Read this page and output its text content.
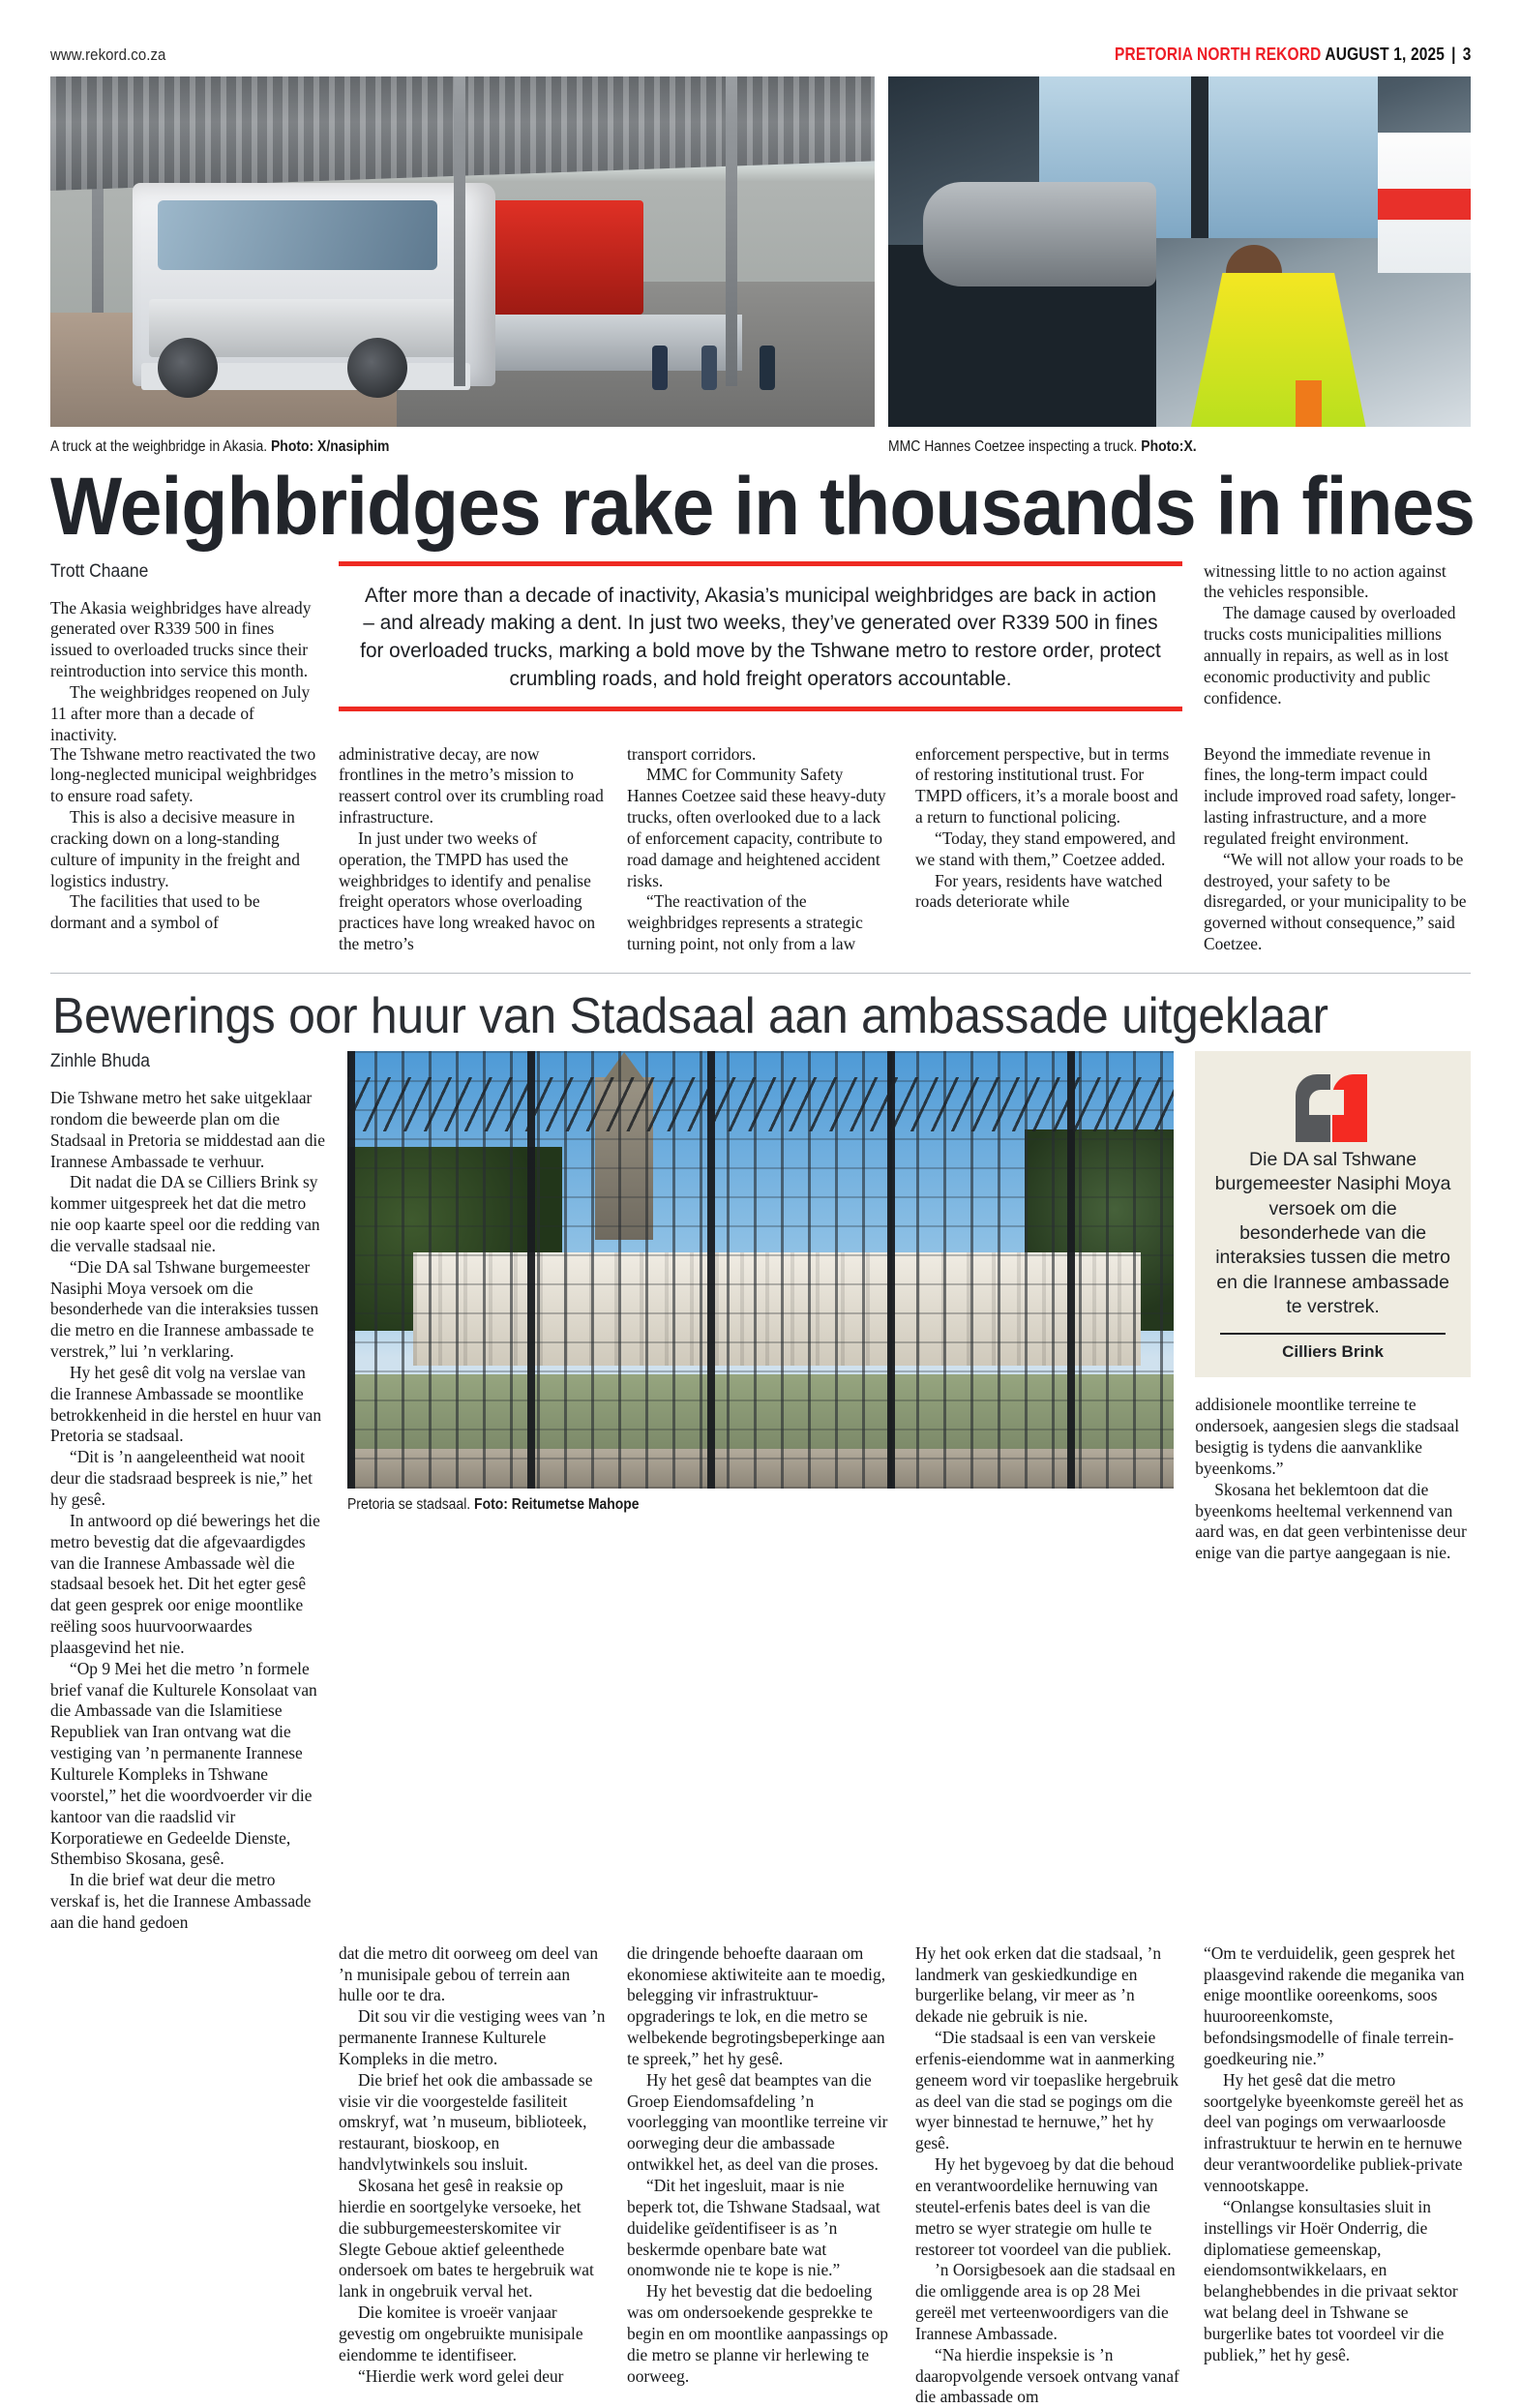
www.rekord.co.za	PRETORIA NORTH REKORD AUGUST 1, 2025 | 3
A truck at the weighbridge in Akasia. Photo: X/nasiphim	MMC Hannes Coetzee inspecting a truck. Photo:X.
Weighbridges rake in thousands in fines
Trott Chaane

The Akasia weighbridges have already generated over R339 500 in fines issued to overloaded trucks since their reintroduction into service this month.

The weighbridges reopened on July 11 after more than a decade of inactivity.

After more than a decade of inactivity, Akasia’s municipal weighbridges are back in action – and already making a dent. In just two weeks, they’ve generated over R339 500 in fines for overloaded trucks, marking a bold move by the Tshwane metro to restore order, protect crumbling roads, and hold freight operators accountable.

witnessing little to no action against the vehicles responsible.

The damage caused by overloaded trucks costs municipalities millions annually in repairs, as well as in lost economic productivity and public confidence.

The Tshwane metro reactivated the two long-neglected municipal weighbridges to ensure road safety.

This is also a decisive measure in cracking down on a long-standing culture of impunity in the freight and logistics industry.

The facilities that used to be dormant and a symbol of

administrative decay, are now frontlines in the metro’s mission to reassert control over its crumbling road infrastructure.

In just under two weeks of operation, the TMPD has used the weighbridges to identify and penalise freight operators whose overloading practices have long wreaked havoc on the metro’s

transport corridors.

MMC for Community Safety Hannes Coetzee said these heavy-duty trucks, often overlooked due to a lack of enforcement capacity, contribute to road damage and heightened accident risks.

“The reactivation of the weighbridges represents a strategic turning point, not only from a law

enforcement perspective, but in terms of restoring institutional trust. For TMPD officers, it’s a morale boost and a return to functional policing.

“Today, they stand empowered, and we stand with them,” Coetzee added.

For years, residents have watched roads deteriorate while

Beyond the immediate revenue in fines, the long-term impact could include improved road safety, longer-lasting infrastructure, and a more regulated freight environment.

“We will not allow your roads to be destroyed, your safety to be disregarded, or your municipality to be governed without consequence,” said Coetzee.

Bewerings oor huur van Stadsaal aan ambassade uitgeklaar
Zinhle Bhuda

Die Tshwane metro het sake uitgeklaar rondom die beweerde plan om die Stadsaal in Pretoria se middestad aan die Irannese Ambassade te verhuur.

Dit nadat die DA se Cilliers Brink sy kommer uitgespreek het dat die metro nie oop kaarte speel oor die redding van die vervalle stadsaal nie.

“Die DA sal Tshwane burgemeester Nasiphi Moya versoek om die besonderhede van die interaksies tussen die metro en die Irannese ambassade te verstrek,” lui ’n verklaring.

Hy het gesê dit volg na verslae van die Irannese Ambassade se moontlike betrokkenheid in die herstel en huur van Pretoria se stadsaal.

“Dit is ’n aangeleentheid wat nooit deur die stadsraad bespreek is nie,” het hy gesê.

In antwoord op dié bewerings het die metro bevestig dat die afgevaardigdes van die Irannese Ambassade wèl die stadsaal besoek het. Dit het egter gesê dat geen gesprek oor enige moontlike reëling soos huurvoorwaardes plaasgevind het nie.

“Op 9 Mei het die metro ’n formele brief vanaf die Kulturele Konsolaat van die Ambassade van die Islamitiese Republiek van Iran ontvang wat die vestiging van ’n permanente Irannese Kulturele Kompleks in Tshwane voorstel,” het die woordvoerder vir die kantoor van die raadslid vir Korporatiewe en Gedeelde Dienste, Sthembiso Skosana, gesê.

In die brief wat deur die metro verskaf is, het die Irannese Ambassade aan die hand gedoen

Pretoria se stadsaal. Foto: Reitumetse Mahope
Die DA sal Tshwane burgemeester Nasiphi Moya versoek om die besonderhede van die interaksies tussen die metro en die Irannese ambassade te verstrek.
Cilliers Brink

addisionele moontlike terreine te ondersoek, aangesien slegs die stadsaal besigtig is tydens die aanvanklike byeenkoms.”

Skosana het beklemtoon dat die byeenkoms heeltemal verkennend van aard was, en dat geen verbintenisse deur enige van die partye aangegaan is nie.

dat die metro dit oorweeg om deel van ’n munisipale gebou of terrein aan hulle oor te dra.

Dit sou vir die vestiging wees van ’n permanente Irannese Kulturele Kompleks in die metro.

Die brief het ook die ambassade se visie vir die voorgestelde fasiliteit omskryf, wat ’n museum, biblioteek, restaurant, bioskoop, en handvlytwinkels sou insluit.

Skosana het gesê in reaksie op hierdie en soortgelyke versoeke, het die subburgemeesterskomitee vir Slegte Geboue aktief geleenthede ondersoek om bates te hergebruik wat lank in ongebruik verval het.

Die komitee is vroeër vanjaar gevestig om ongebruikte munisipale eiendomme te identifiseer.

“Hierdie werk word gelei deur

die dringende behoefte daaraan om ekonomiese aktiwiteite aan te moedig, belegging vir infrastruktuur-opgraderings te lok, en die metro se welbekende begrotingsbeperkinge aan te spreek,” het hy gesê.

Hy het gesê dat beamptes van die Groep Eiendomsafdeling ’n voorlegging van moontlike terreine vir oorweging deur die ambassade ontwikkel het, as deel van die proses.

“Dit het ingesluit, maar is nie beperk tot, die Tshwane Stadsaal, wat duidelike geïdentifiseer is as ’n beskermde openbare bate wat onomwonde nie te kope is nie.”

Hy het bevestig dat die bedoeling was om ondersoekende gesprekke te begin en om moontlike aanpassings op die metro se planne vir herlewing te oorweeg.

Hy het ook erken dat die stadsaal, ’n landmerk van geskiedkundige en burgerlike belang, vir meer as ’n dekade nie gebruik is nie.

“Die stadsaal is een van verskeie erfenis-eiendomme wat in aanmerking geneem word vir toepaslike hergebruik as deel van die stad se pogings om die wyer binnestad te hernuwe,” het hy gesê.

Hy het bygevoeg by dat die behoud en verantwoordelike hernuwing van steutel-erfenis bates deel is van die metro se wyer strategie om hulle te restoreer tot voordeel van die publiek.

’n Oorsigbesoek aan die stadsaal en die omliggende area is op 28 Mei gereël met verteenwoordigers van die Irannese Ambassade.

“Na hierdie inspeksie is ’n daaropvolgende versoek ontvang vanaf die ambassade om

“Om te verduidelik, geen gesprek het plaasgevind rakende die meganika van enige moontlike ooreenkoms, soos huurooreenkomste, befondsingsmodelle of finale terrein-goedkeuring nie.”

Hy het gesê dat die metro soortgelyke byeenkomste gereël het as deel van pogings om verwaarloosde infrastruktuur te herwin en te hernuwe deur verantwoordelike publiek-private vennootskappe.

“Onlangse konsultasies sluit in instellings vir Hoër Onderrig, die diplomatiese gemeenskap, eiendomsontwikkelaars, en belanghebbendes in die privaat sektor wat belang deel in Tshwane se burgerlike bates tot voordeel vir die publiek,” het hy gesê.
